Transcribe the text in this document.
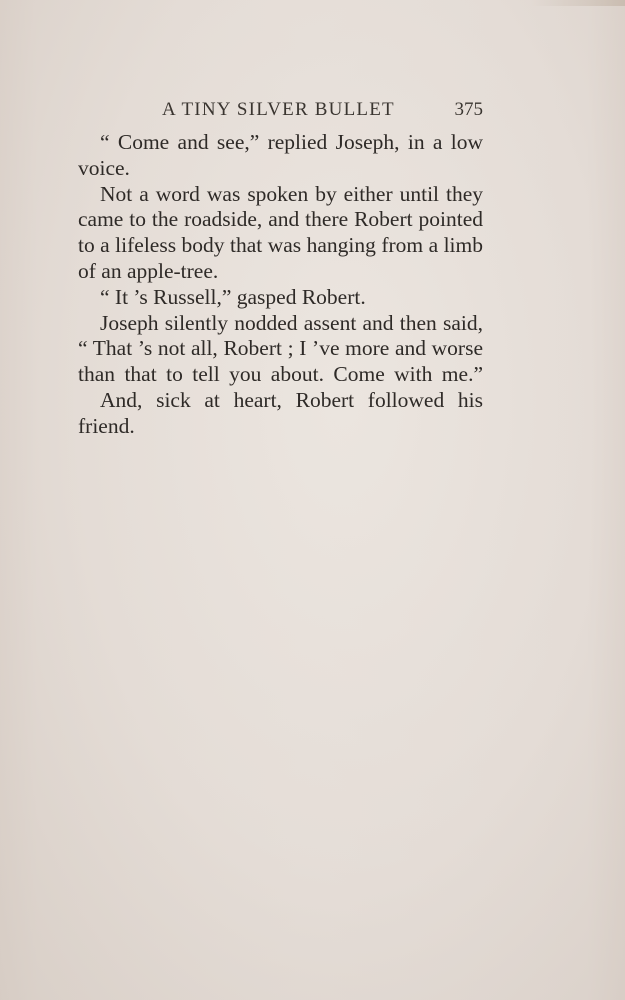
A TINY SILVER BULLET	375
“ Come and see,” replied Joseph, in a low
voice.
Not a word was spoken by either until they
came to the roadside, and there Robert pointed
to a lifeless body that was hanging from a limb
of an apple-tree.
“ It ’s Russell,” gasped Robert.
Joseph silently nodded assent and then said,
“ That ’s not all, Robert ; I ’ve more and worse
than that to tell you about. Come with me.”
And, sick at heart, Robert followed his
friend.
